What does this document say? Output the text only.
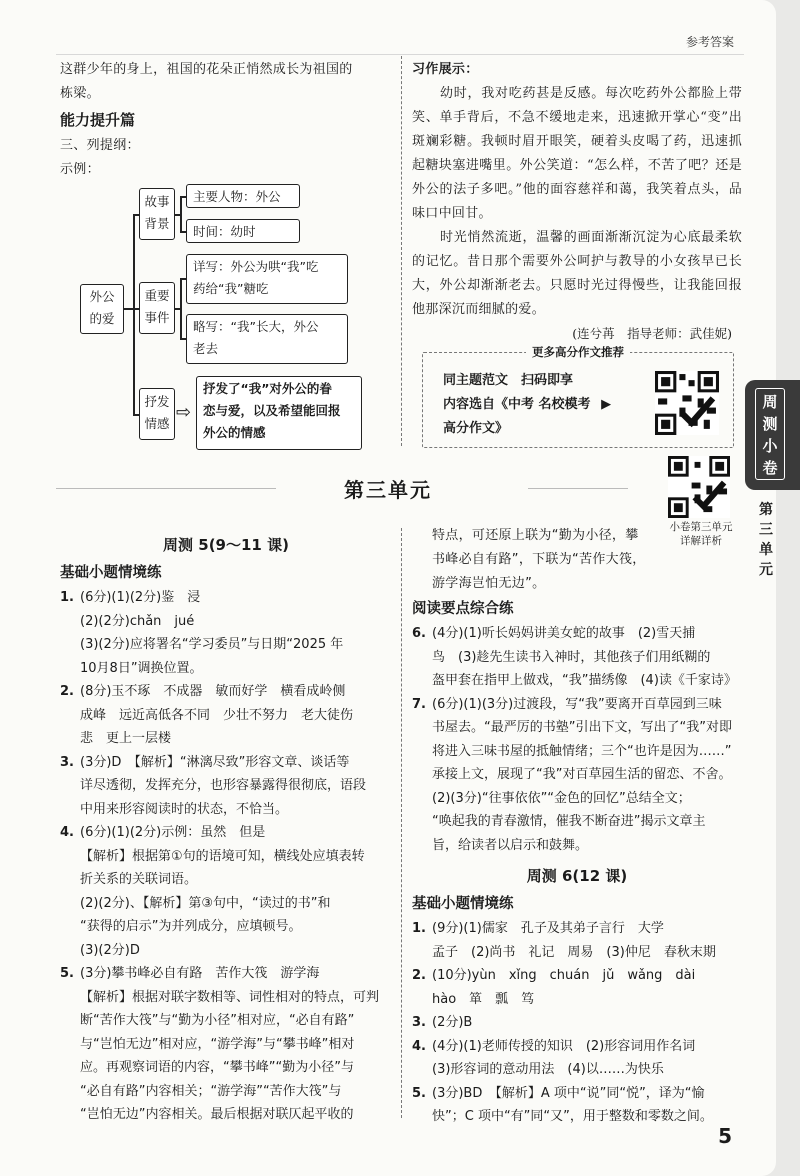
参考答案
这群少年的身上，祖国的花朵正悄然成长为祖国的
栋梁。
能力提升篇
三、列提纲：
示例：
外公
的爱
故事
背景
主要人物：外公
时间：幼时
重要
事件
详写：外公为哄“我”吃
药给“我”糖吃
略写：“我”长大，外公
老去
抒发
情感
⇨
抒发了“我”对外公的眷
恋与爱，以及希望能回报
外公的情感
习作展示：
幼时，我对吃药甚是反感。每次吃药外公都脸上带笑、单手背后，不急不缓地走来，迅速掀开掌心“变”出斑斓彩糖。我顿时眉开眼笑，硬着头皮喝了药，迅速抓起糖块塞进嘴里。外公笑道：“怎么样，不苦了吧？还是外公的法子多吧。”他的面容慈祥和蔼，我笑着点头，品味口中回甘。
时光悄然流逝，温馨的画面渐渐沉淀为心底最柔软的记忆。昔日那个需要外公呵护与教导的小女孩早已长大，外公却渐渐老去。只愿时光过得慢些，让我能回报他那深沉而细腻的爱。
(连兮苒　指导老师：武佳妮)
更多高分作文推荐
同主题范文　扫码即享
内容选自《中考 名校模考 ▶
高分作文》
第三单元
小卷第三单元
详解详析
周测 5(9～11 课)
基础小题情境练
1. (6分)(1)(2分)鉴　浸
(2)(2分)chǎn　jué
(3)(2分)应将署名“学习委员”与日期“2025 年
10月8日”调换位置。
2. (8分)玉不琢　不成器　敏而好学　横看成岭侧
成峰　远近高低各不同　少壮不努力　老大徒伤
悲　更上一层楼
3. (3分)D　【解析】“淋漓尽致”形容文章、谈话等
详尽透彻，发挥充分，也形容暴露得很彻底，语段
中用来形容阅读时的状态，不恰当。
4. (6分)(1)(2分)示例：虽然　但是
【解析】根据第①句的语境可知，横线处应填表转
折关系的关联词语。
(2)(2分)、【解析】第③句中，“读过的书”和
“获得的启示”为并列成分，应填顿号。
(3)(2分)D
5. (3分)攀书峰必自有路　苦作大筏　游学海
【解析】根据对联字数相等、词性相对的特点，可判
断“苦作大筏”与“勤为小径”相对应，“必自有路”
与“岂怕无边”相对应，“游学海”与“攀书峰”相对
应。再观察词语的内容，“攀书峰”“勤为小径”与
“必自有路”内容相关；“游学海”“苦作大筏”与
“岂怕无边”内容相关。最后根据对联仄起平收的
特点，可还原上联为“勤为小径，攀
书峰必自有路”，下联为“苦作大筏，
游学海岂怕无边”。
阅读要点综合练
6. (4分)(1)听长妈妈讲美女蛇的故事　(2)雪天捕
鸟　(3)趁先生读书入神时，其他孩子们用纸糊的
盔甲套在指甲上做戏，“我”描绣像　(4)读《千家诗》
7. (6分)(1)(3分)过渡段，写“我”要离开百草园到三味
书屋去。“最严厉的书塾”引出下文，写出了“我”对即
将进入三味书屋的抵触情绪；三个“也许是因为……”
承接上文，展现了“我”对百草园生活的留恋、不舍。
(2)(3分)“往事依依”“金色的回忆”总结全文；
“唤起我的青春激情，催我不断奋进”揭示文章主
旨，给读者以启示和鼓舞。
周测 6(12 课)
基础小题情境练
1. (9分)(1)儒家　孔子及其弟子言行　大学
孟子　(2)尚书　礼记　周易　(3)仲尼　春秋末期
2. (10分)yùn　xǐng　chuán　jǔ　wǎng　dài
hào　箪　瓢　笃
3. (2分)B
4. (4分)(1)老师传授的知识　(2)形容词用作名词
(3)形容词的意动用法　(4)以……为快乐
5. (3分)BD　【解析】A 项中“说”同“悦”，译为“愉
快”；C 项中“有”同“又”，用于整数和零数之间。
5
周测小卷
第三单元
